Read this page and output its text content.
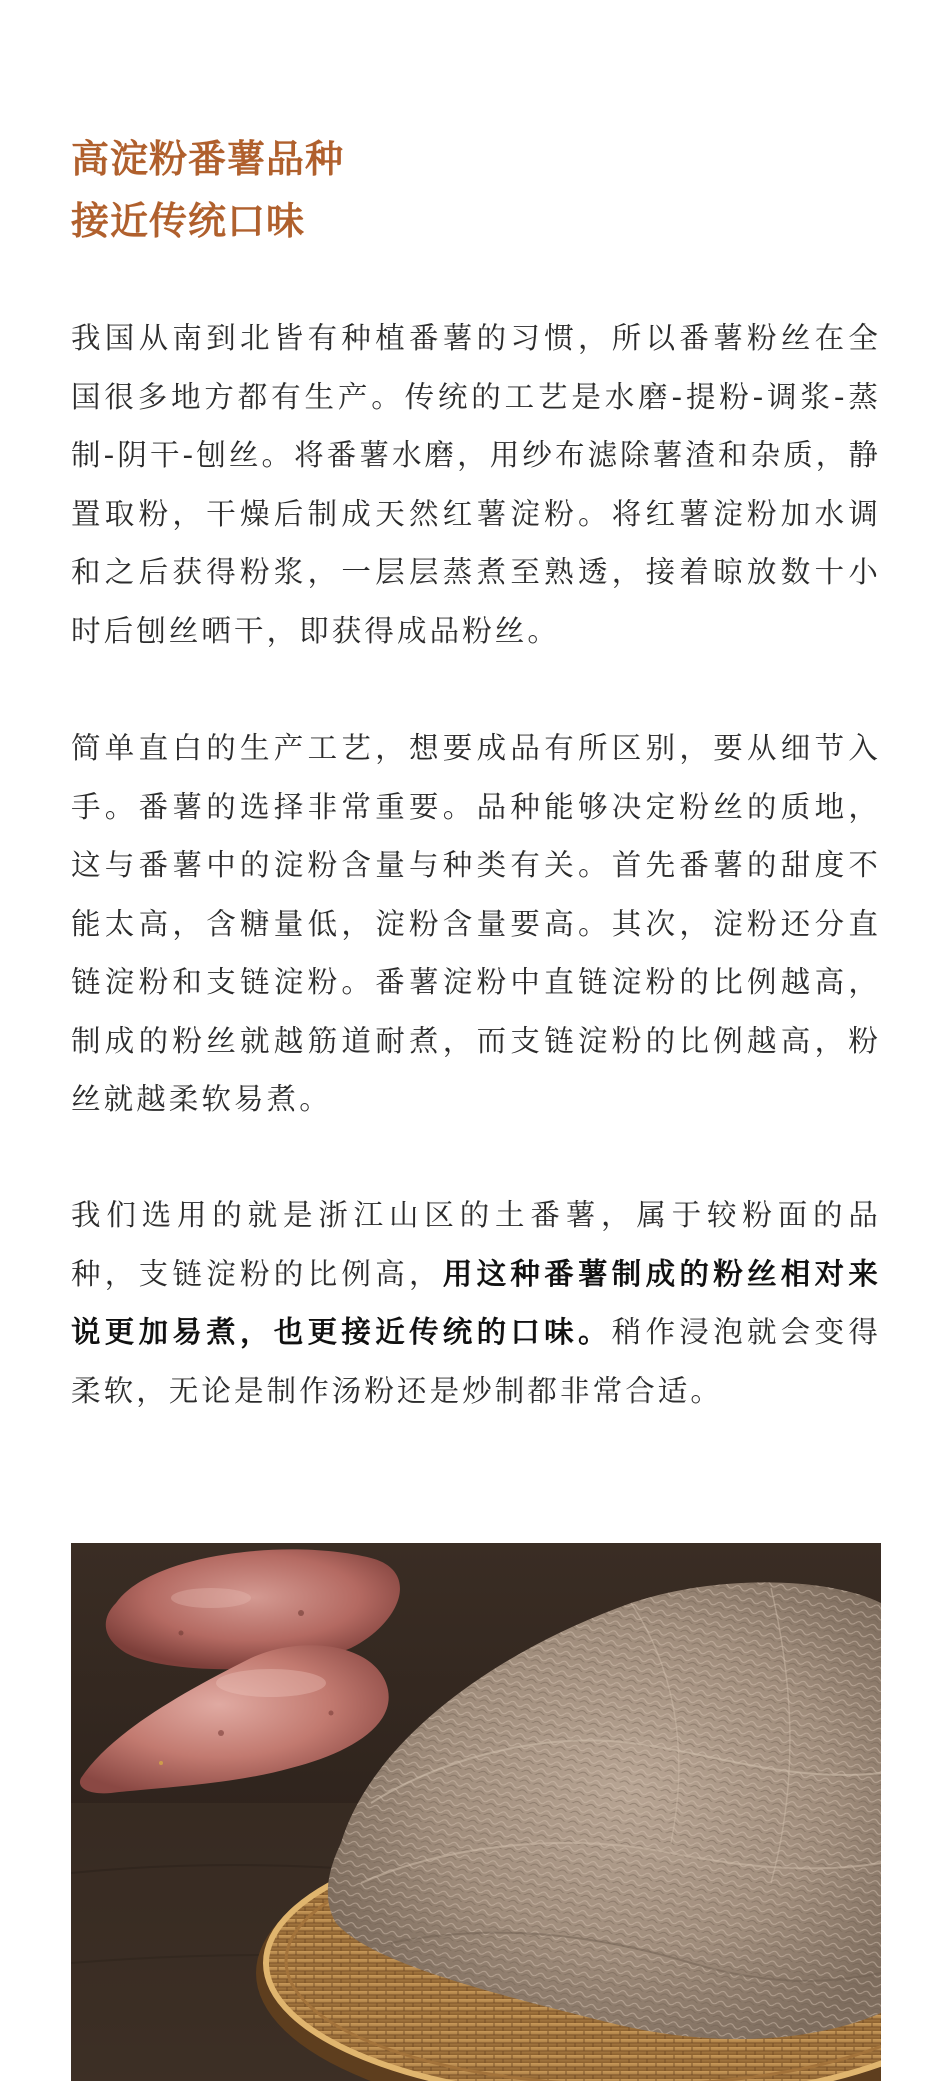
高淀粉番薯品种
接近传统口味

我国从南到北皆有种植番薯的习惯，所以番薯粉丝在全国很多地方都有生产。传统的工艺是水磨-提粉-调浆-蒸制-阴干-刨丝。将番薯水磨，用纱布滤除薯渣和杂质，静置取粉，干燥后制成天然红薯淀粉。将红薯淀粉加水调和之后获得粉浆，一层层蒸煮至熟透，接着晾放数十小时后刨丝晒干，即获得成品粉丝。

简单直白的生产工艺，想要成品有所区别，要从细节入手。番薯的选择非常重要。品种能够决定粉丝的质地，这与番薯中的淀粉含量与种类有关。首先番薯的甜度不能太高，含糖量低，淀粉含量要高。其次，淀粉还分直链淀粉和支链淀粉。番薯淀粉中直链淀粉的比例越高，制成的粉丝就越筋道耐煮，而支链淀粉的比例越高，粉丝就越柔软易煮。

我们选用的就是浙江山区的土番薯，属于较粉面的品种，支链淀粉的比例高，用这种番薯制成的粉丝相对来说更加易煮，也更接近传统的口味。稍作浸泡就会变得柔软，无论是制作汤粉还是炒制都非常合适。
